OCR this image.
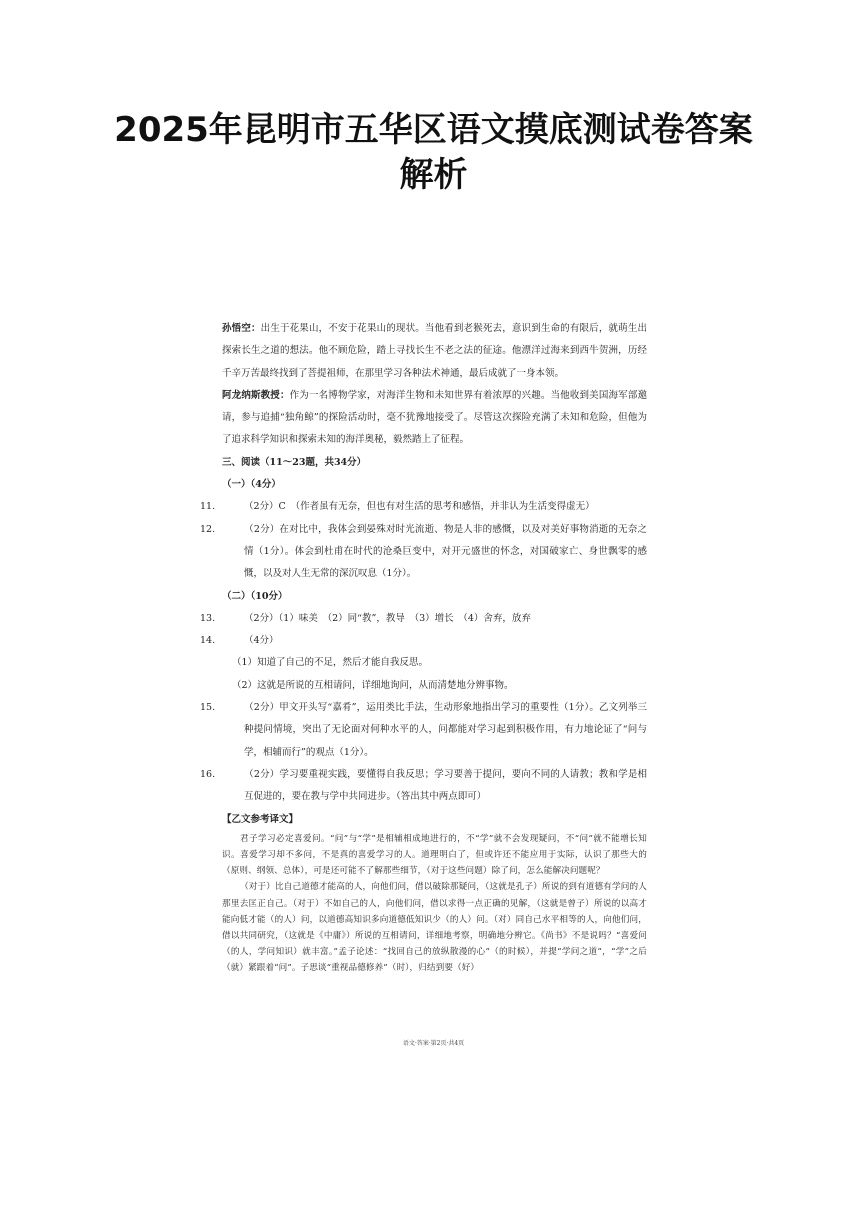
2025年昆明市五华区语文摸底测试卷答案
解析

孙悟空：出生于花果山，不安于花果山的现状。当他看到老猴死去，意识到生命的有限后，就萌生出探索长生之道的想法。他不顾危险，踏上寻找长生不老之法的征途。他漂洋过海来到西牛贺洲，历经千辛万苦最终找到了菩提祖师，在那里学习各种法术神通，最后成就了一身本领。

阿龙纳斯教授：作为一名博物学家，对海洋生物和未知世界有着浓厚的兴趣。当他收到美国海军部邀请，参与追捕“独角鲸”的探险活动时，毫不犹豫地接受了。尽管这次探险充满了未知和危险，但他为了追求科学知识和探索未知的海洋奥秘，毅然踏上了征程。

三、阅读（11～23题，共34分）

（一）（4分）

11.	（2分）C　（作者虽有无奈，但也有对生活的思考和感悟，并非认为生活变得虚无）

12.	（2分）在对比中，我体会到晏殊对时光流逝、物是人非的感慨，以及对美好事物消逝的无奈之情（1分）。体会到杜甫在时代的沧桑巨变中，对开元盛世的怀念，对国破家亡、身世飘零的感慨，以及对人生无常的深沉叹息（1分）。

（二）（10分）

13.	（2分）（1）味美　（2）同“教”，教导　（3）增长　（4）舍弃，放弃

14.	（4分）

（1）知道了自己的不足，然后才能自我反思。

（2）这就是所说的互相请问，详细地询问，从而清楚地分辨事物。

15.	（2分）甲文开头写“嘉肴”，运用类比手法，生动形象地指出学习的重要性（1分）。乙文列举三种提问情境，突出了无论面对何种水平的人，问都能对学习起到积极作用，有力地论证了“问与学，相辅而行”的观点（1分）。

16.	（2分）学习要重视实践，要懂得自我反思；学习要善于提问，要向不同的人请教；教和学是相互促进的，要在教与学中共同进步。（答出其中两点即可）

【乙文参考译文】

君子学习必定喜爱问。“问”与“学”是相辅相成地进行的，不“学”就不会发现疑问，不“问”就不能增长知识。喜爱学习却不多问，不是真的喜爱学习的人。道理明白了，但或许还不能应用于实际，认识了那些大的（原则、纲领、总体），可是还可能不了解那些细节，（对于这些问题）除了问，怎么能解决问题呢？

（对于）比自己道德才能高的人，向他们问，借以破除那疑问，（这就是孔子）所说的到有道德有学问的人那里去匡正自己。（对于）不如自己的人，向他们问，借以求得一点正确的见解，（这就是曾子）所说的以高才能向低才能（的人）问，以道德高知识多向道德低知识少（的人）问。（对）同自己水平相等的人，向他们问，借以共同研究，（这就是《中庸》）所说的互相请问，详细地考察，明确地分辨它。《尚书》不是说吗？“喜爱问（的人，学问知识）就丰富。”孟子论述：“找回自己的放纵散漫的心”（的时候），并提“学问之道”，“学”之后（就）紧跟着“问”。子思谈“重视品德修养”（时），归结到要（好）

语文·答案·第2页·共4页
